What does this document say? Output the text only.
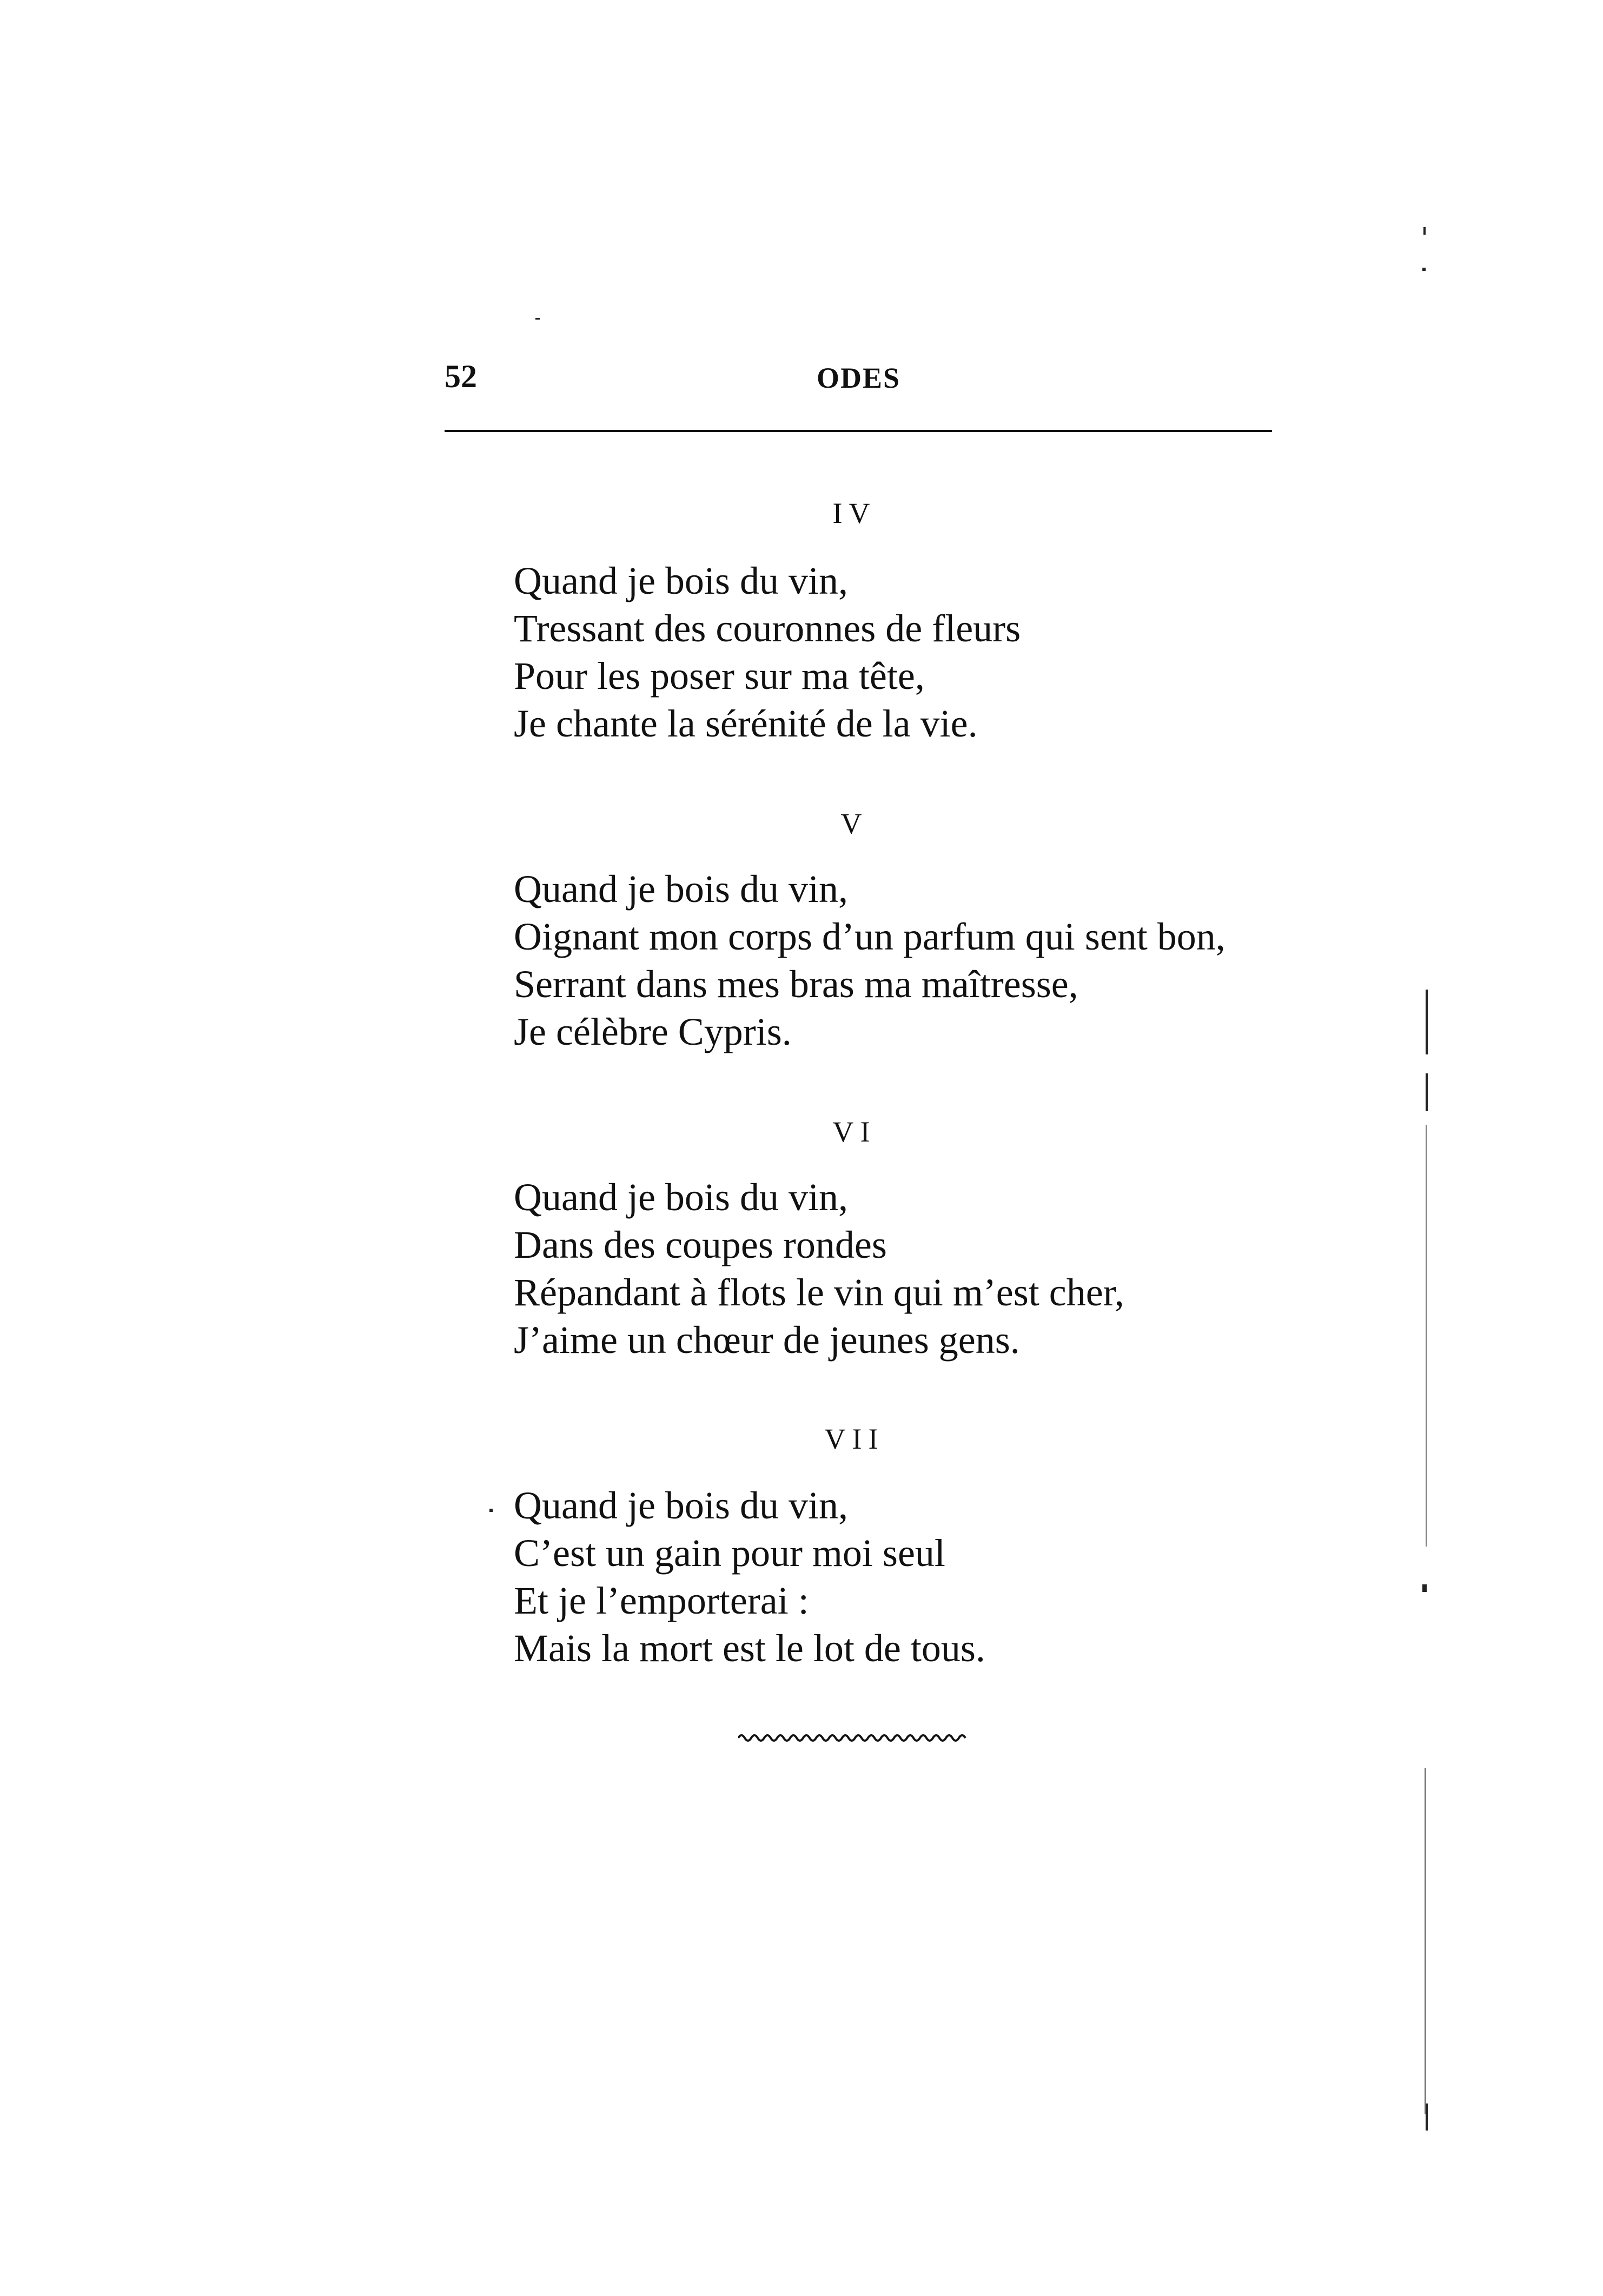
52	ODES
IV
Quand je bois du vin,
Tressant des couronnes de fleurs
Pour les poser sur ma tête,
Je chante la sérénité de la vie.
V
Quand je bois du vin,
Oignant mon corps d’un parfum qui sent bon,
Serrant dans mes bras ma maîtresse,
Je célèbre Cypris.
VI
Quand je bois du vin,
Dans des coupes rondes
Répandant à flots le vin qui m’est cher,
J’aime un chœur de jeunes gens.
VII
Quand je bois du vin,
C’est un gain pour moi seul
Et je l’emporterai :
Mais la mort est le lot de tous.
